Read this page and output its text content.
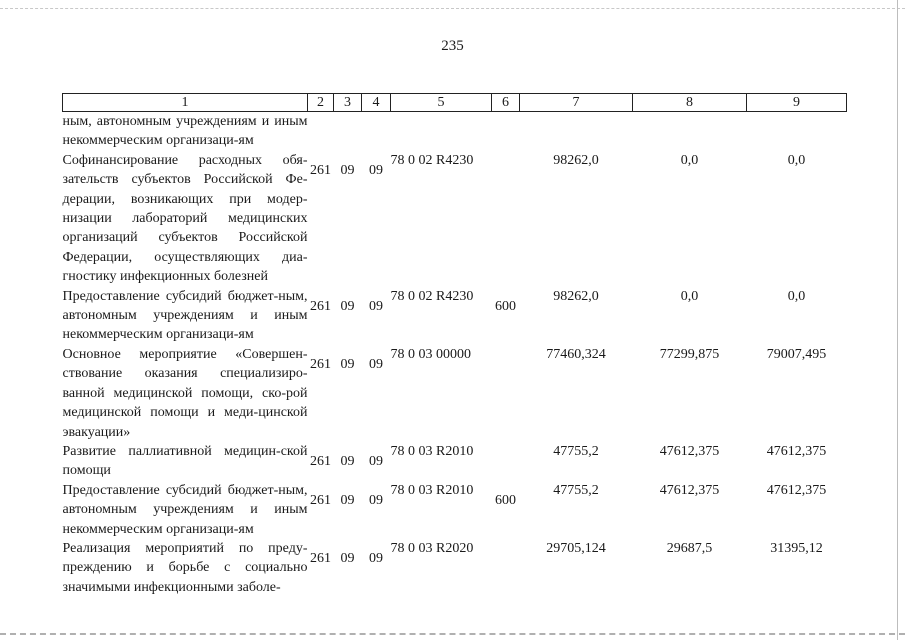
235
1	2	3	4	5	6	7	8	9
ным, автономным учреждениям и иным некоммерческим организаци-ям								
Софинансирование расходных обя-зательств субъектов Российской Фе-дерации, возникающих при модер-низации лабораторий медицинских организаций субъектов Российской Федерации, осуществляющих диа-гностику инфекционных болезней	261	09	09	78 0 02 R4230		98262,0	0,0	0,0
Предоставление субсидий бюджет-ным, автономным учреждениям и иным некоммерческим организаци-ям	261	09	09	78 0 02 R4230	600	98262,0	0,0	0,0
Основное мероприятие «Совершен-ствование оказания специализиро-ванной медицинской помощи, ско-рой медицинской помощи и меди-цинской эвакуации»	261	09	09	78 0 03 00000		77460,324	77299,875	79007,495
Развитие паллиативной медицин-ской помощи	261	09	09	78 0 03 R2010		47755,2	47612,375	47612,375
Предоставление субсидий бюджет-ным, автономным учреждениям и иным некоммерческим организаци-ям	261	09	09	78 0 03 R2010	600	47755,2	47612,375	47612,375
Реализация мероприятий по преду-преждению и борьбе с социально значимыми инфекционными заболе-	261	09	09	78 0 03 R2020		29705,124	29687,5	31395,12
